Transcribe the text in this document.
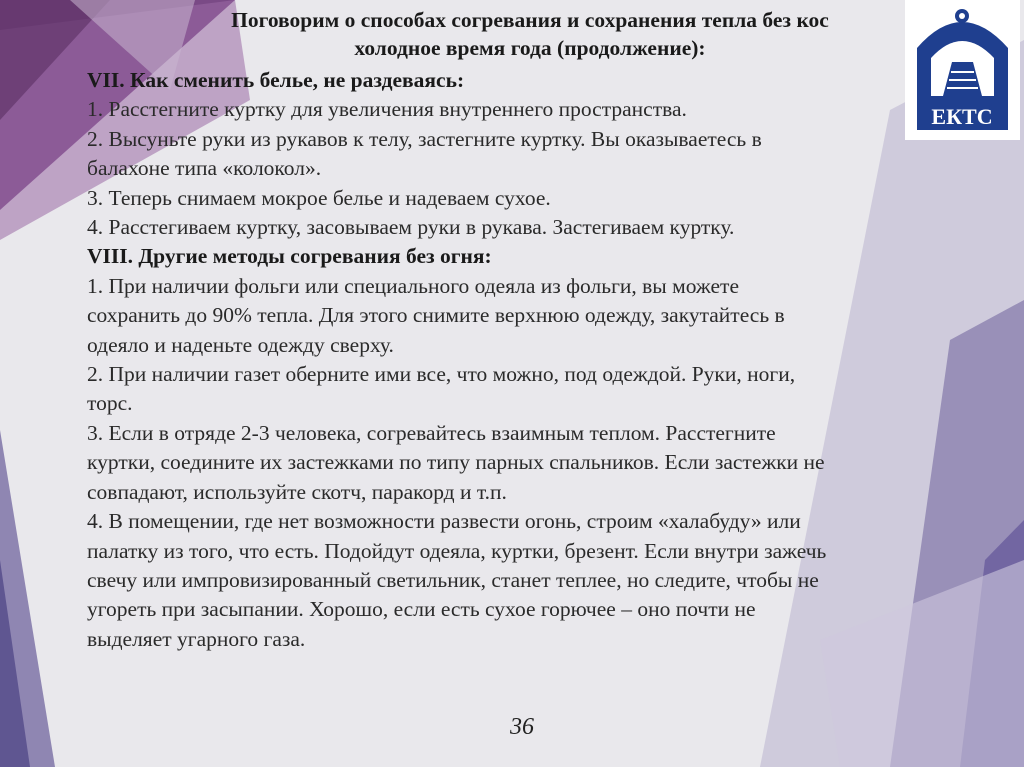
Поговорим о способах согревания и сохранения тепла без кос
холодное время года (продолжение):

VII. Как сменить белье, не раздеваясь:

1. Расстегните куртку для увеличения внутреннего пространства.

2. Высуньте руки из рукавов к телу, застегните куртку. Вы оказываетесь в

балахоне типа «колокол».

3. Теперь снимаем мокрое белье и надеваем сухое.

4. Расстегиваем куртку, засовываем руки в рукава. Застегиваем куртку.

VIII. Другие методы согревания без огня:

1. При наличии фольги или специального одеяла из фольги, вы можете

сохранить до 90% тепла. Для этого снимите верхнюю одежду, закутайтесь в

одеяло и наденьте одежду сверху.

2. При наличии газет оберните ими все, что можно, под одеждой. Руки, ноги,

торс.

3. Если в отряде 2-3 человека, согревайтесь взаимным теплом. Расстегните

куртки, соедините их застежками по типу парных спальников. Если застежки не

совпадают, используйте скотч, паракорд и т.п.

4. В помещении, где нет возможности развести огонь, строим «халабуду» или

палатку из того, что есть. Подойдут одеяла, куртки, брезент. Если внутри зажечь

свечу или импровизированный светильник, станет теплее, но следите, чтобы не

угореть при засыпании. Хорошо, если есть сухое горючее – оно почти не

выделяет угарного газа.

36
ЕКТС
